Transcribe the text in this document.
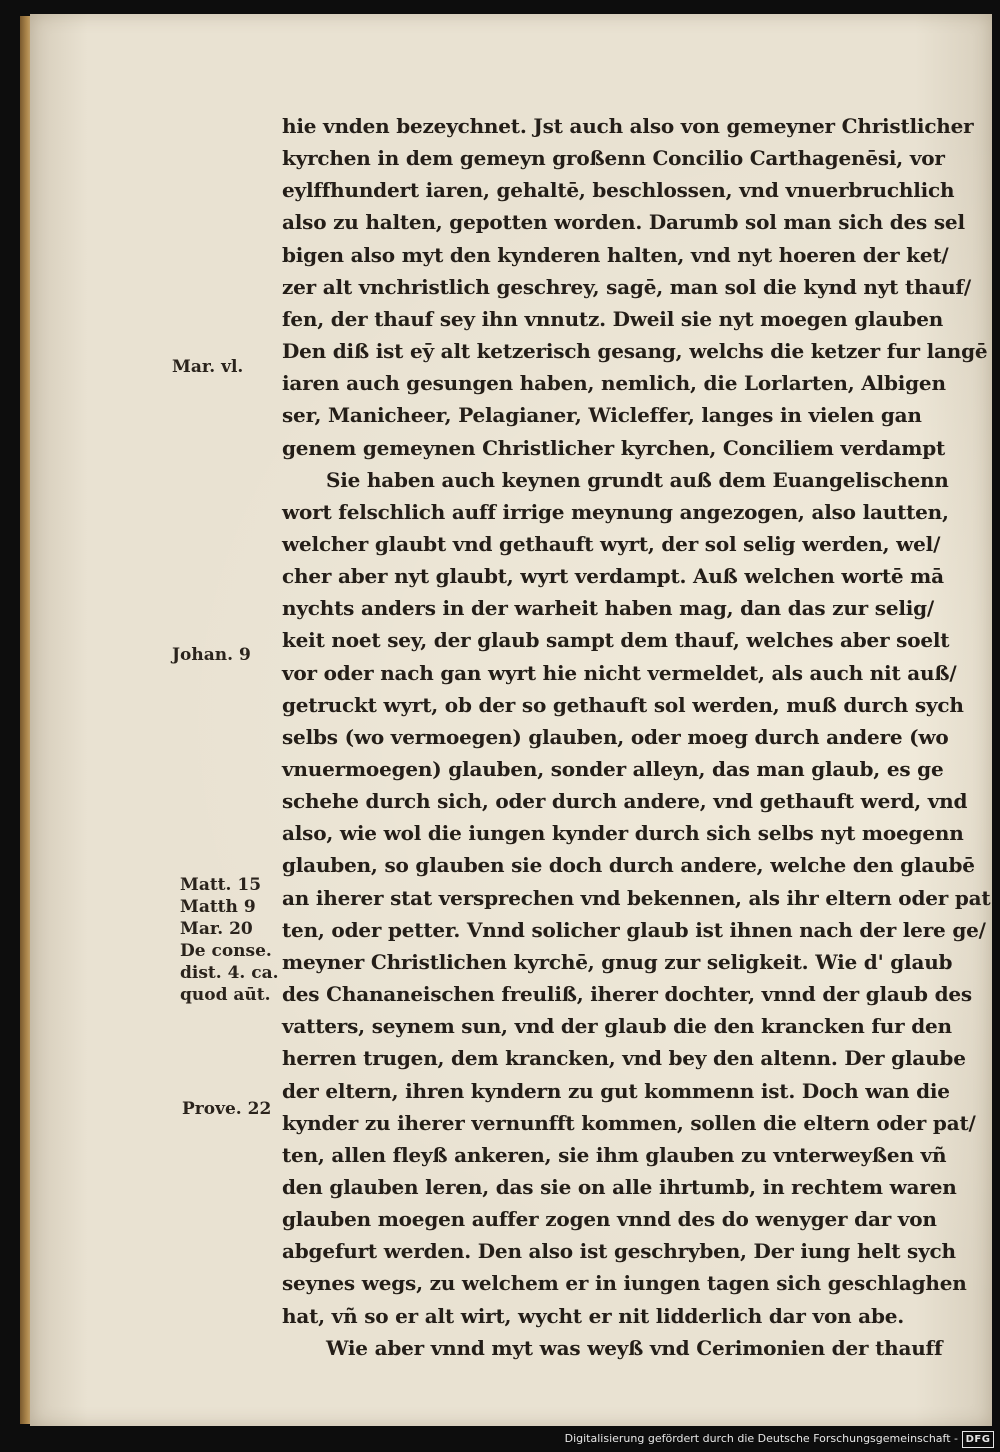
hie vnden bezeychnet. Jst auch also von gemeyner Christlicher
kyrchen in dem gemeyn großenn Concilio Carthagenēsi, vor
eylffhundert iaren, gehaltē, beschlossen, vnd vnuerbruchlich
also zu halten, gepotten worden. Darumb sol man sich des sel
bigen also myt den kynderen halten, vnd nyt hoeren der ket/
zer alt vnchristlich geschrey, sagē, man sol die kynd nyt thauf/
fen, der thauf sey ihn vnnutz. Dweil sie nyt moegen glauben
Den diß ist eȳ alt ketzerisch gesang, welchs die ketzer fur langē
iaren auch gesungen haben, nemlich, die Lorlarten, Albigen
ser, Manicheer, Pelagianer, Wicleffer, langes in vielen gan
genem gemeynen Christlicher kyrchen, Conciliem verdampt
Sie haben auch keynen grundt auß dem Euangelischenn
wort felschlich auff irrige meynung angezogen, also lautten,
welcher glaubt vnd gethauft wyrt, der sol selig werden, wel/
cher aber nyt glaubt, wyrt verdampt. Auß welchen wortē mā
nychts anders in der warheit haben mag, dan das zur selig/
keit noet sey, der glaub sampt dem thauf, welches aber soelt
vor oder nach gan wyrt hie nicht vermeldet, als auch nit auß/
getruckt wyrt, ob der so gethauft sol werden, muß durch sych
selbs (wo vermoegen) glauben, oder moeg durch andere (wo
vnuermoegen) glauben, sonder alleyn, das man glaub, es ge
schehe durch sich, oder durch andere, vnd gethauft werd, vnd
also, wie wol die iungen kynder durch sich selbs nyt moegenn
glauben, so glauben sie doch durch andere, welche den glaubē
an iherer stat versprechen vnd bekennen, als ihr eltern oder pat
ten, oder petter. Vnnd solicher glaub ist ihnen nach der lere ge/
meyner Christlichen kyrchē, gnug zur seligkeit. Wie d' glaub
des Chananeischen freuliß, iherer dochter, vnnd der glaub des
vatters, seynem sun, vnd der glaub die den krancken fur den
herren trugen, dem krancken, vnd bey den altenn. Der glaube
der eltern, ihren kyndern zu gut kommenn ist. Doch wan die
kynder zu iherer vernunfft kommen, sollen die eltern oder pat/
ten, allen fleyß ankeren, sie ihm glauben zu vnterweyßen vñ
den glauben leren, das sie on alle ihrtumb, in rechtem waren
glauben moegen auffer zogen vnnd des do wenyger dar von
abgefurt werden. Den also ist geschryben, Der iung helt sych
seynes wegs, zu welchem er in iungen tagen sich geschlaghen
hat, vñ so er alt wirt, wycht er nit lidderlich dar von abe.
Wie aber vnnd myt was weyß vnd Cerimonien der thauff
Mar. vl.
Johan. 9
Matt. 15
Matth 9
Mar. 20
De conse.
dist. 4. ca.
quod aūt.
Prove. 22
Digitalisierung gefördert durch die Deutsche Forschungsgemeinschaft - DFG
